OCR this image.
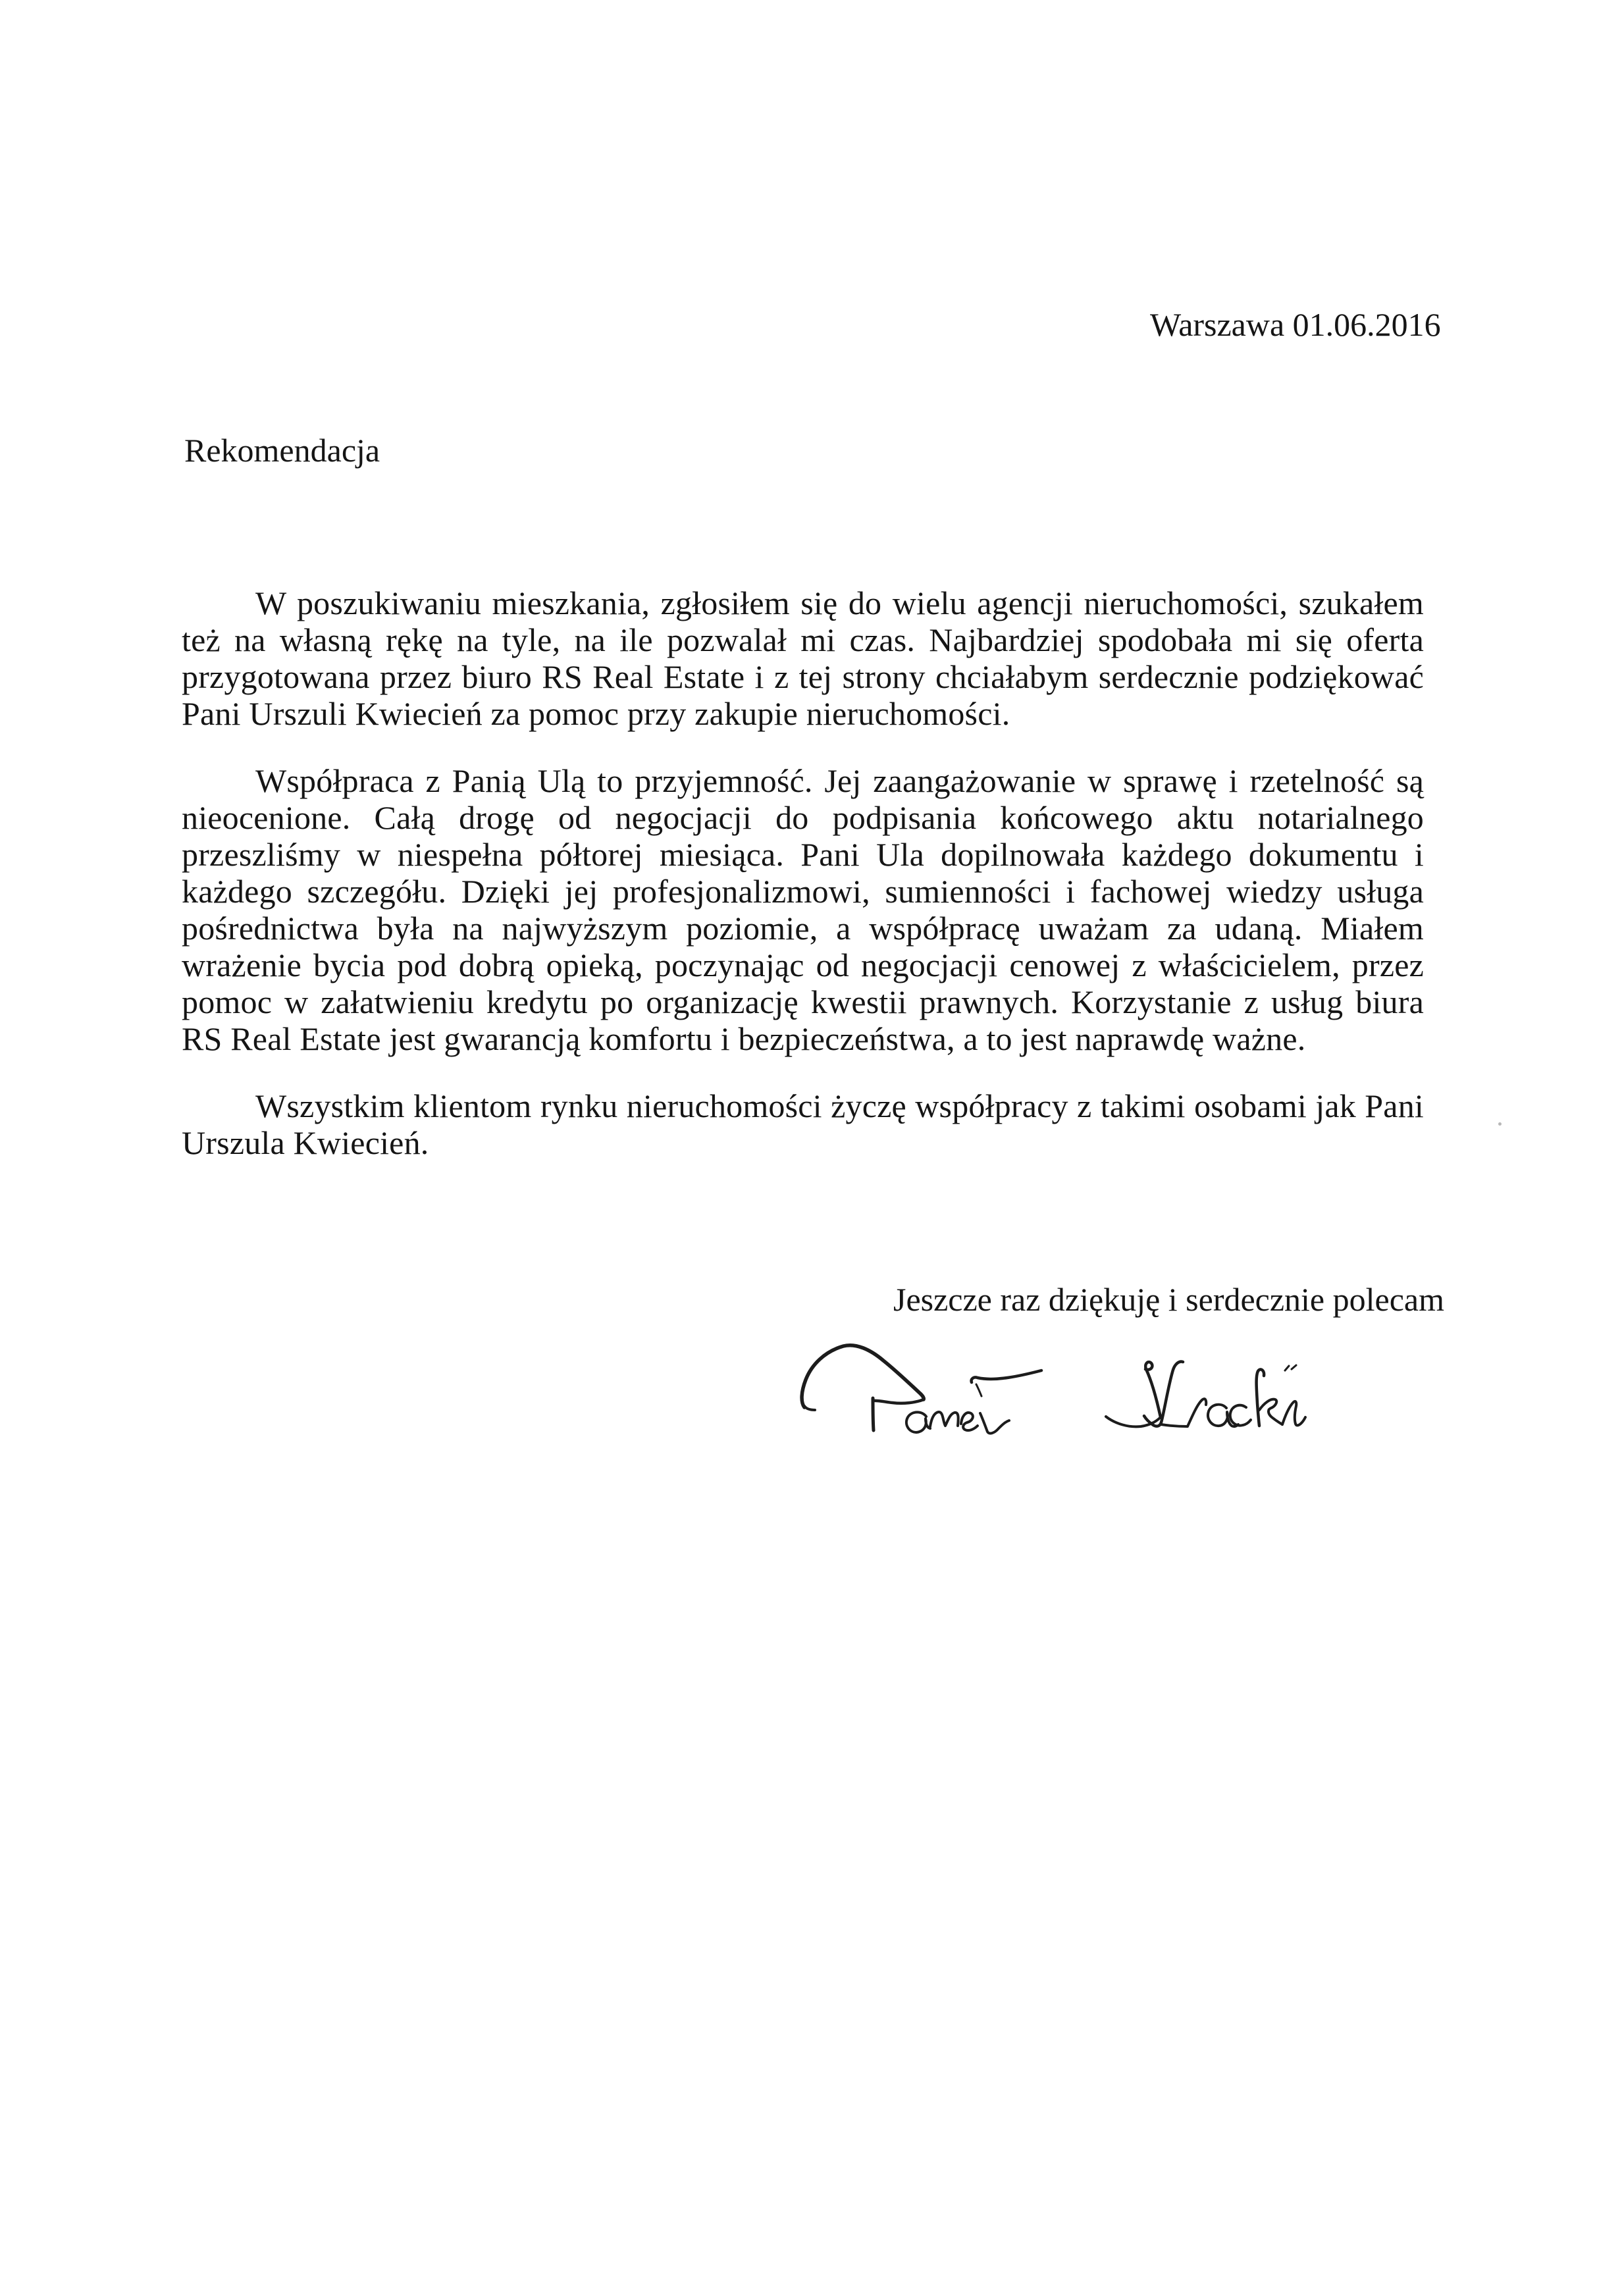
Warszawa 01.06.2016
Rekomendacja

W poszukiwaniu mieszkania, zgłosiłem się do wielu agencji nieruchomości, szukałem też na własną rękę na tyle, na ile pozwalał mi czas. Najbardziej spodobała mi się oferta przygotowana przez biuro RS Real Estate i z tej strony chciałabym serdecznie podziękować Pani Urszuli Kwiecień za pomoc przy zakupie nieruchomości.

Współpraca z Panią Ulą to przyjemność. Jej zaangażowanie w sprawę i rzetelność są nieocenione. Całą drogę od negocjacji do podpisania końcowego aktu notarialnego przeszliśmy w niespełna półtorej miesiąca. Pani Ula dopilnowała każdego dokumentu i każdego szczegółu. Dzięki jej profesjonalizmowi, sumienności i fachowej wiedzy usługa pośrednictwa była na najwyższym poziomie, a współpracę uważam za udaną. Miałem wrażenie bycia pod dobrą opieką, poczynając od negocjacji cenowej z właścicielem, przez pomoc w załatwieniu kredytu po organizację kwestii prawnych. Korzystanie z usług biura RS Real Estate jest gwarancją komfortu i bezpieczeństwa, a to jest naprawdę ważne.

Wszystkim klientom rynku nieruchomości życzę współpracy z takimi osobami jak Pani Urszula Kwiecień.

Jeszcze raz dziękuję i serdecznie polecam
